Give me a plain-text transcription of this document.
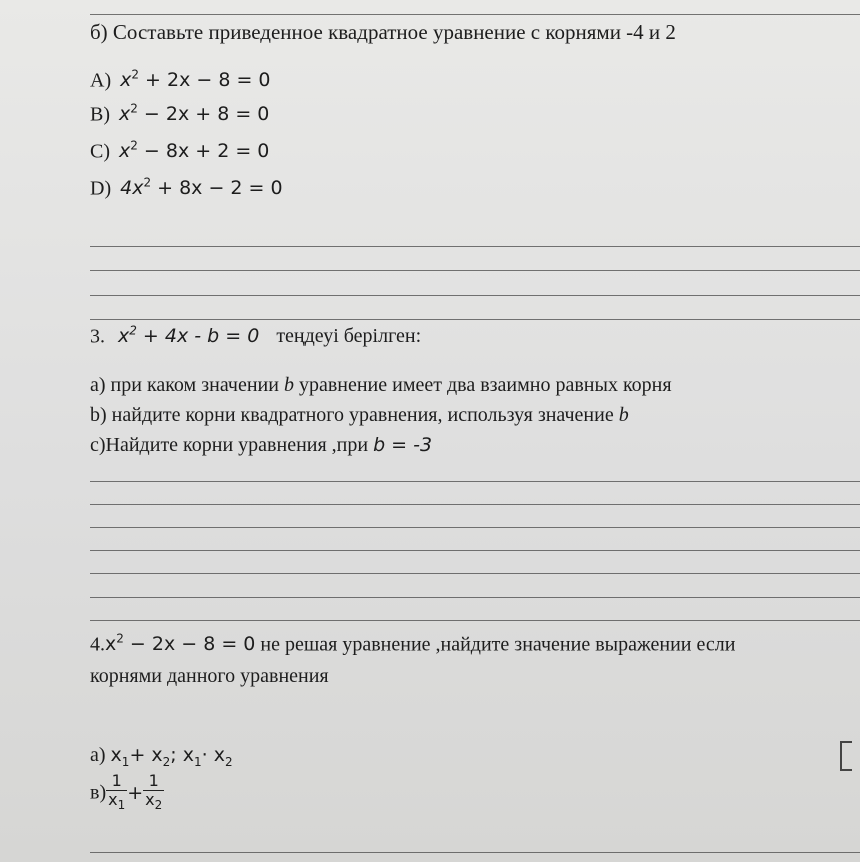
б) Составьте приведенное квадратное уравнение с корнями -4 и 2
A) $x^2 + 2x - 8 = 0$
B) $x^2 - 2x + 8 = 0$
C) $x^2 - 8x + 2 = 0$
D) $4x^2 + 8x - 2 = 0$
3. $x^2 + 4x - b = 0$ теңдеуі берілген:
а) при каком значении b уравнение имеет два взаимно равных корня
b) найдите корни квадратного уравнения, используя значение b
с)Найдите корни уравнения ,при b = -3
$4.x^2 - 2x - 8 = 0$ не решая уравнение ,найдите значение выражении если
корнями данного уравнения
а) $x_1+ x_2$; $x_1\cdot x_2$
$в) \frac{1}{x_1} + \frac{1}{x_2}$
